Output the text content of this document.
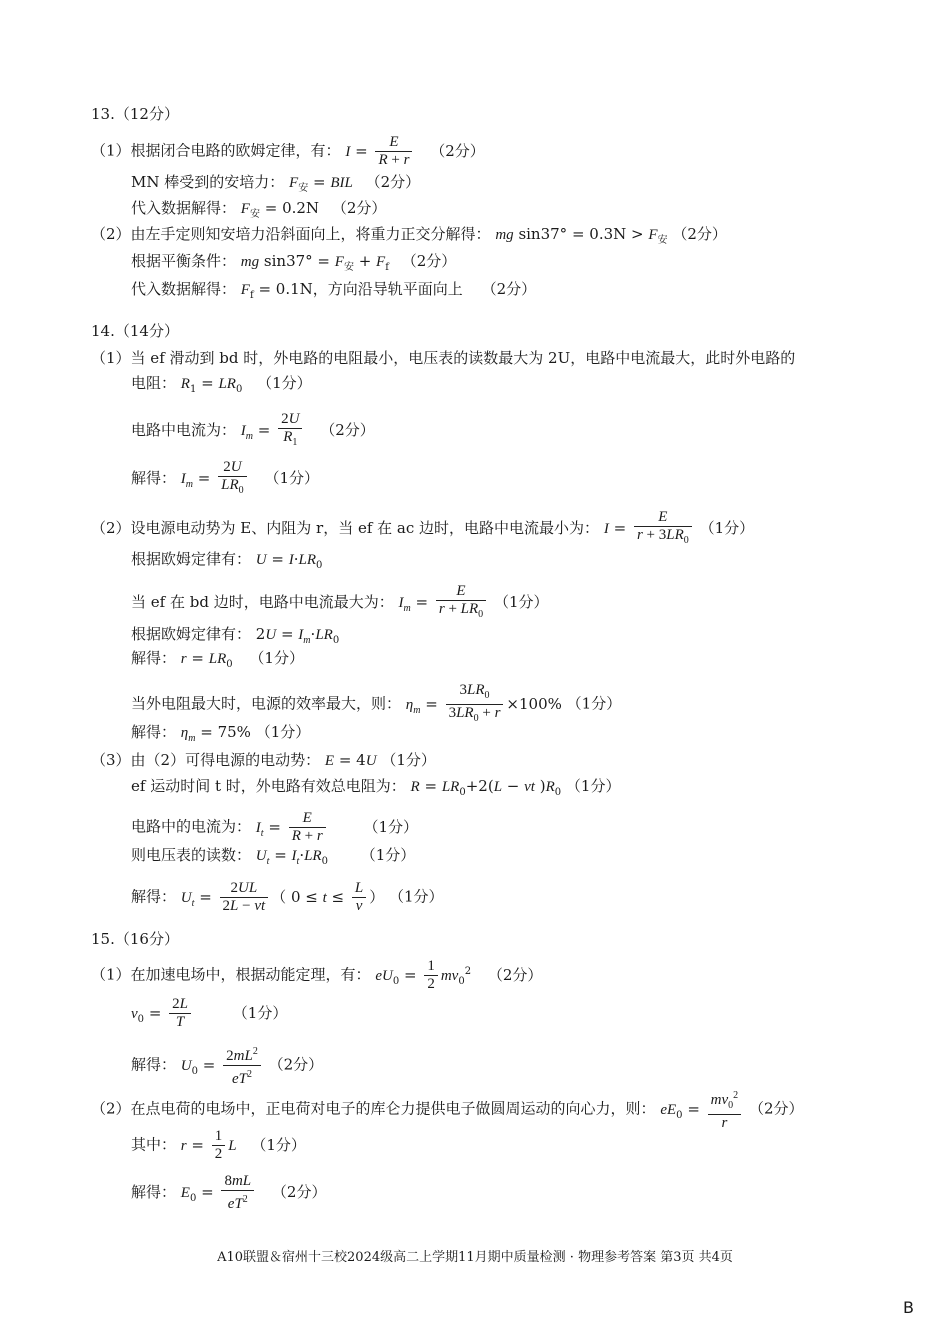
13.（12分）
（1）根据闭合电路的欧姆定律，有： $I = \frac{E}{R + r} (2$分）
MN 棒受到的安培力： $F_安$ = BIL （2分）
代入数据解得： $F_安 = 0.2N$ （2分）
（2）由左手定则知安培力沿斜面向上，将重力正交分解得： mg $\sin 37^\circ = 0.3N > F_安$ （2分）
根据平衡条件： mg $\sin 37^\circ = F_安 + F_f$ （2分）
代入数据解得： $F_f = 0.1N$，方向沿导轨平面向上 （2分）
14.（14分）
（1）当 ef 滑动到 bd 时，外电路的电阻最小，电压表的读数最大为 2U，电路中电流最大，此时外电路的
电阻： $R_1 = LR_0$ （1分）
电路中电流为： $I_m = \frac{2U}{R_1} (2$分）
解得： $I_m = \frac{2U}{LR_0} (1$分）
（2）设电源电动势为 E、内阻为 r，当 ef 在 ac 边时，电路中电流最小为： $I = \frac{E}{r + 3LR_0} (1$分）
根据欧姆定律有： $U = I\cdot LR_0$
当 ef 在 bd 边时，电路中电流最大为： $I_m = \frac{E}{r + LR_0} (1$分）
根据欧姆定律有： $2U = I_m\cdot LR_0$
解得： $r = LR_0$ （1分）
当外电阻最大时，电源的效率最大，则： $\eta_m = \frac{3LR_0}{3LR_0 + r} \times 100\%$ （1分）
解得： $\eta_m = 75\%$ （1分）
（3）由（2）可得电源的电动势： E = 4U （1分）
ef 运动时间 t 时，外电路有效总电阻为： $R = LR_0+2(L$ − vt )$R_0$ （1分）
电路中的电流为： $I_t = \frac{E}{R + r}$	（1分）
则电压表的读数： $U_t = I_t\cdot LR_0$ （1分）
解得： $U_t = \frac{2UL}{2L - vt}$ （ $0 \le t \le \frac{L}{v}$ ） （1分）
15.（16分）
（1）在加速电场中，根据动能定理，有： $eU_0 = \frac{1}{2} mv_0^2$ （2分）
$v_0 = \frac{2L}{T}$	（1分）
解得： $U_0 = \frac{2mL^2}{eT^2} (2$分）
（2）在点电荷的电场中，正电荷对电子的库仑力提供电子做圆周运动的向心力，则： $eE_0 = \frac{mv_0^2}{r} (2$分）
其中： $r = \frac{1}{2}$ L （1分）
解得： $E_0 = \frac{8mL}{eT^2} (2$分）
A10联盟＆宿州十三校2024级高二上学期11月期中质量检测 · 物理参考答案 第3页 共4页
B
